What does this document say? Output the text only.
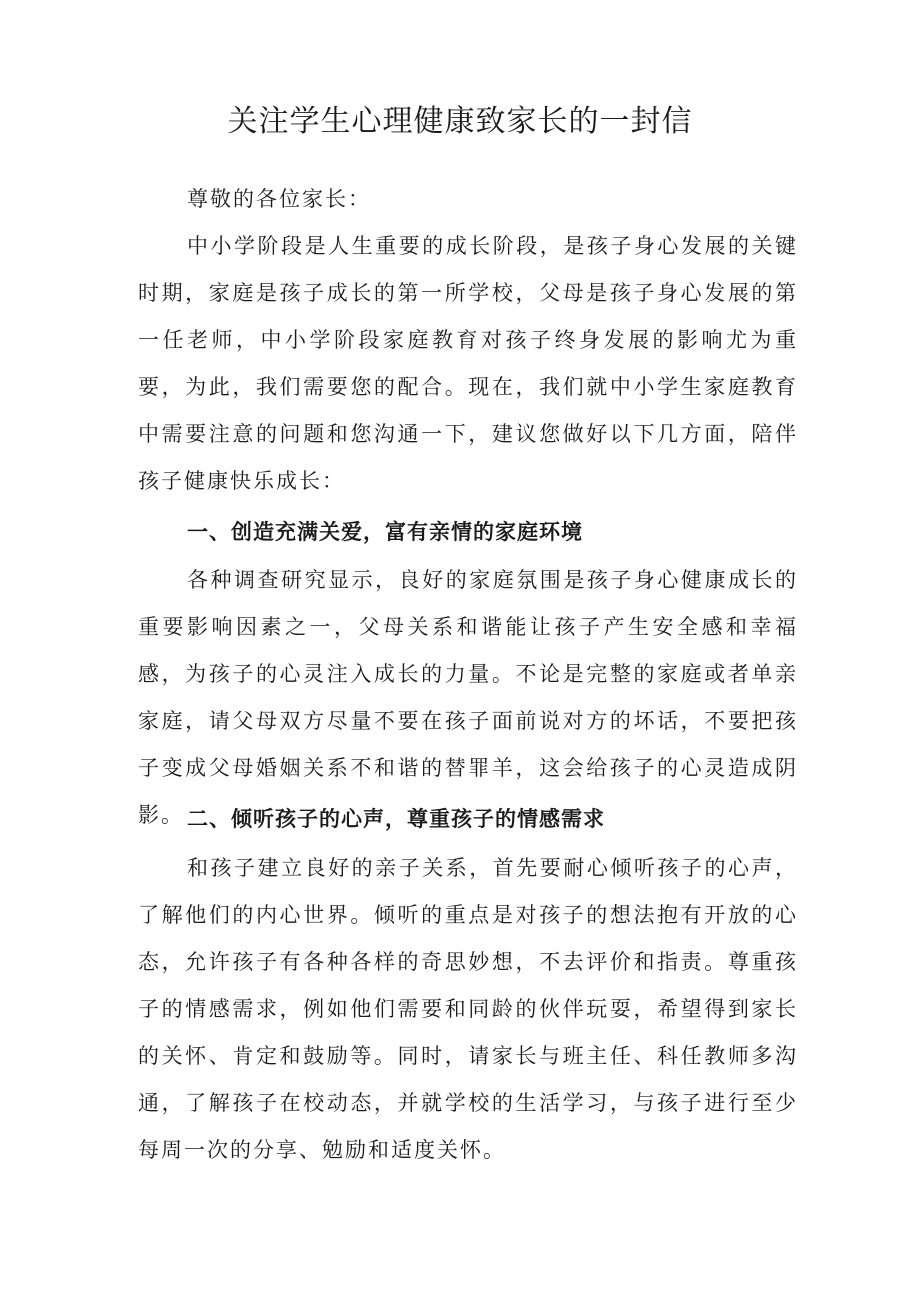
关注学生心理健康致家长的一封信

尊敬的各位家长：

中小学阶段是人生重要的成长阶段，是孩子身心发展的关键时期，家庭是孩子成长的第一所学校，父母是孩子身心发展的第一任老师，中小学阶段家庭教育对孩子终身发展的影响尤为重要，为此，我们需要您的配合。现在，我们就中小学生家庭教育中需要注意的问题和您沟通一下，建议您做好以下几方面，陪伴孩子健康快乐成长：

一、创造充满关爱，富有亲情的家庭环境

各种调查研究显示，良好的家庭氛围是孩子身心健康成长的重要影响因素之一，父母关系和谐能让孩子产生安全感和幸福感，为孩子的心灵注入成长的力量。不论是完整的家庭或者单亲家庭，请父母双方尽量不要在孩子面前说对方的坏话，不要把孩子变成父母婚姻关系不和谐的替罪羊，这会给孩子的心灵造成阴影。 二、倾听孩子的心声，尊重孩子的情感需求

和孩子建立良好的亲子关系，首先要耐心倾听孩子的心声，了解他们的内心世界。倾听的重点是对孩子的想法抱有开放的心态，允许孩子有各种各样的奇思妙想，不去评价和指责。尊重孩子的情感需求，例如他们需要和同龄的伙伴玩耍，希望得到家长的关怀、肯定和鼓励等。同时，请家长与班主任、科任教师多沟通，了解孩子在校动态，并就学校的生活学习，与孩子进行至少每周一次的分享、勉励和适度关怀。
